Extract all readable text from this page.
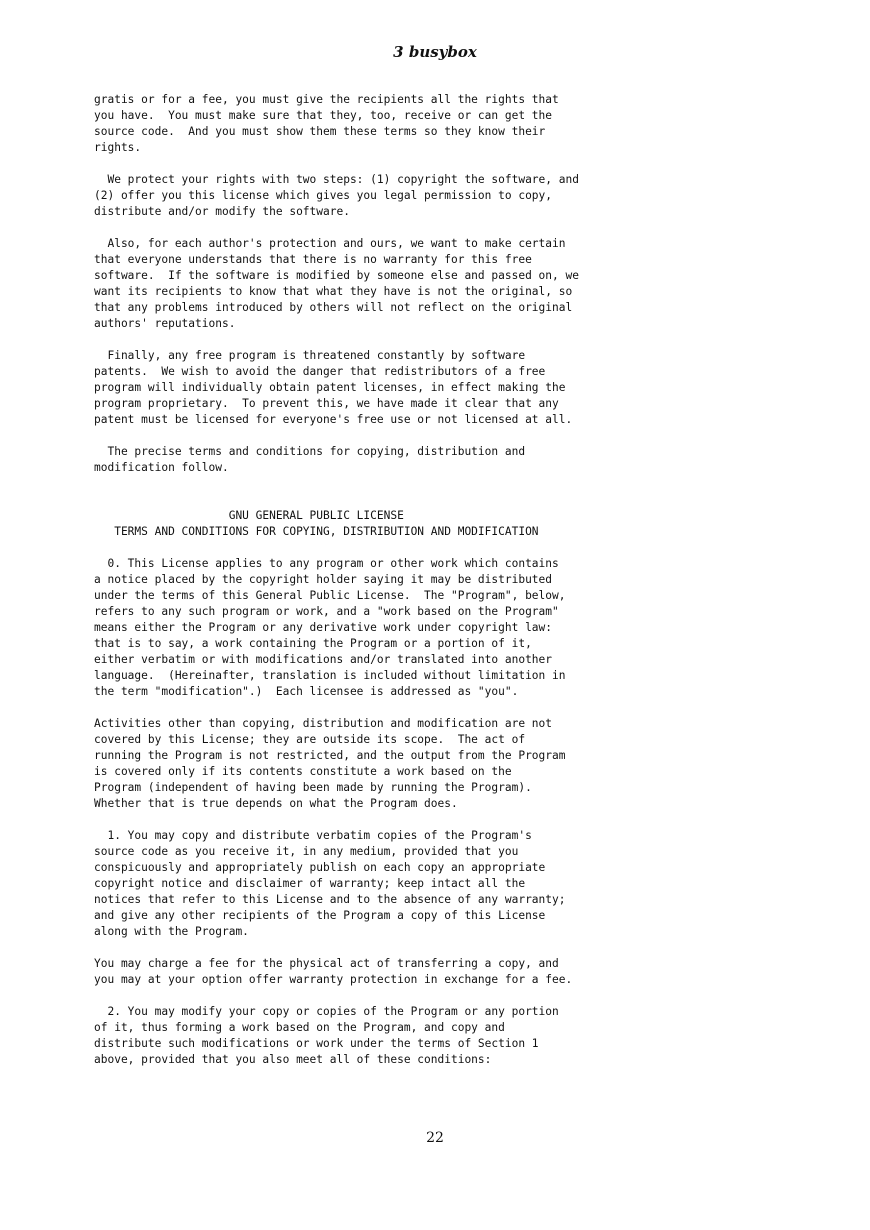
3 busybox
gratis or for a fee, you must give the recipients all the rights that
you have.  You must make sure that they, too, receive or can get the
source code.  And you must show them these terms so they know their
rights.

We protect your rights with two steps: (1) copyright the software, and
(2) offer you this license which gives you legal permission to copy,
distribute and/or modify the software.

Also, for each author's protection and ours, we want to make certain
that everyone understands that there is no warranty for this free
software.  If the software is modified by someone else and passed on, we
want its recipients to know that what they have is not the original, so
that any problems introduced by others will not reflect on the original
authors' reputations.

Finally, any free program is threatened constantly by software
patents.  We wish to avoid the danger that redistributors of a free
program will individually obtain patent licenses, in effect making the
program proprietary.  To prevent this, we have made it clear that any
patent must be licensed for everyone's free use or not licensed at all.

The precise terms and conditions for copying, distribution and
modification follow.

GNU GENERAL PUBLIC LICENSE
TERMS AND CONDITIONS FOR COPYING, DISTRIBUTION AND MODIFICATION

0. This License applies to any program or other work which contains
a notice placed by the copyright holder saying it may be distributed
under the terms of this General Public License.  The "Program", below,
refers to any such program or work, and a "work based on the Program"
means either the Program or any derivative work under copyright law:
that is to say, a work containing the Program or a portion of it,
either verbatim or with modifications and/or translated into another
language.  (Hereinafter, translation is included without limitation in
the term "modification".)  Each licensee is addressed as "you".

Activities other than copying, distribution and modification are not
covered by this License; they are outside its scope.  The act of
running the Program is not restricted, and the output from the Program
is covered only if its contents constitute a work based on the
Program (independent of having been made by running the Program).
Whether that is true depends on what the Program does.

1. You may copy and distribute verbatim copies of the Program's
source code as you receive it, in any medium, provided that you
conspicuously and appropriately publish on each copy an appropriate
copyright notice and disclaimer of warranty; keep intact all the
notices that refer to this License and to the absence of any warranty;
and give any other recipients of the Program a copy of this License
along with the Program.

You may charge a fee for the physical act of transferring a copy, and
you may at your option offer warranty protection in exchange for a fee.

2. You may modify your copy or copies of the Program or any portion
of it, thus forming a work based on the Program, and copy and
distribute such modifications or work under the terms of Section 1
above, provided that you also meet all of these conditions:
22
